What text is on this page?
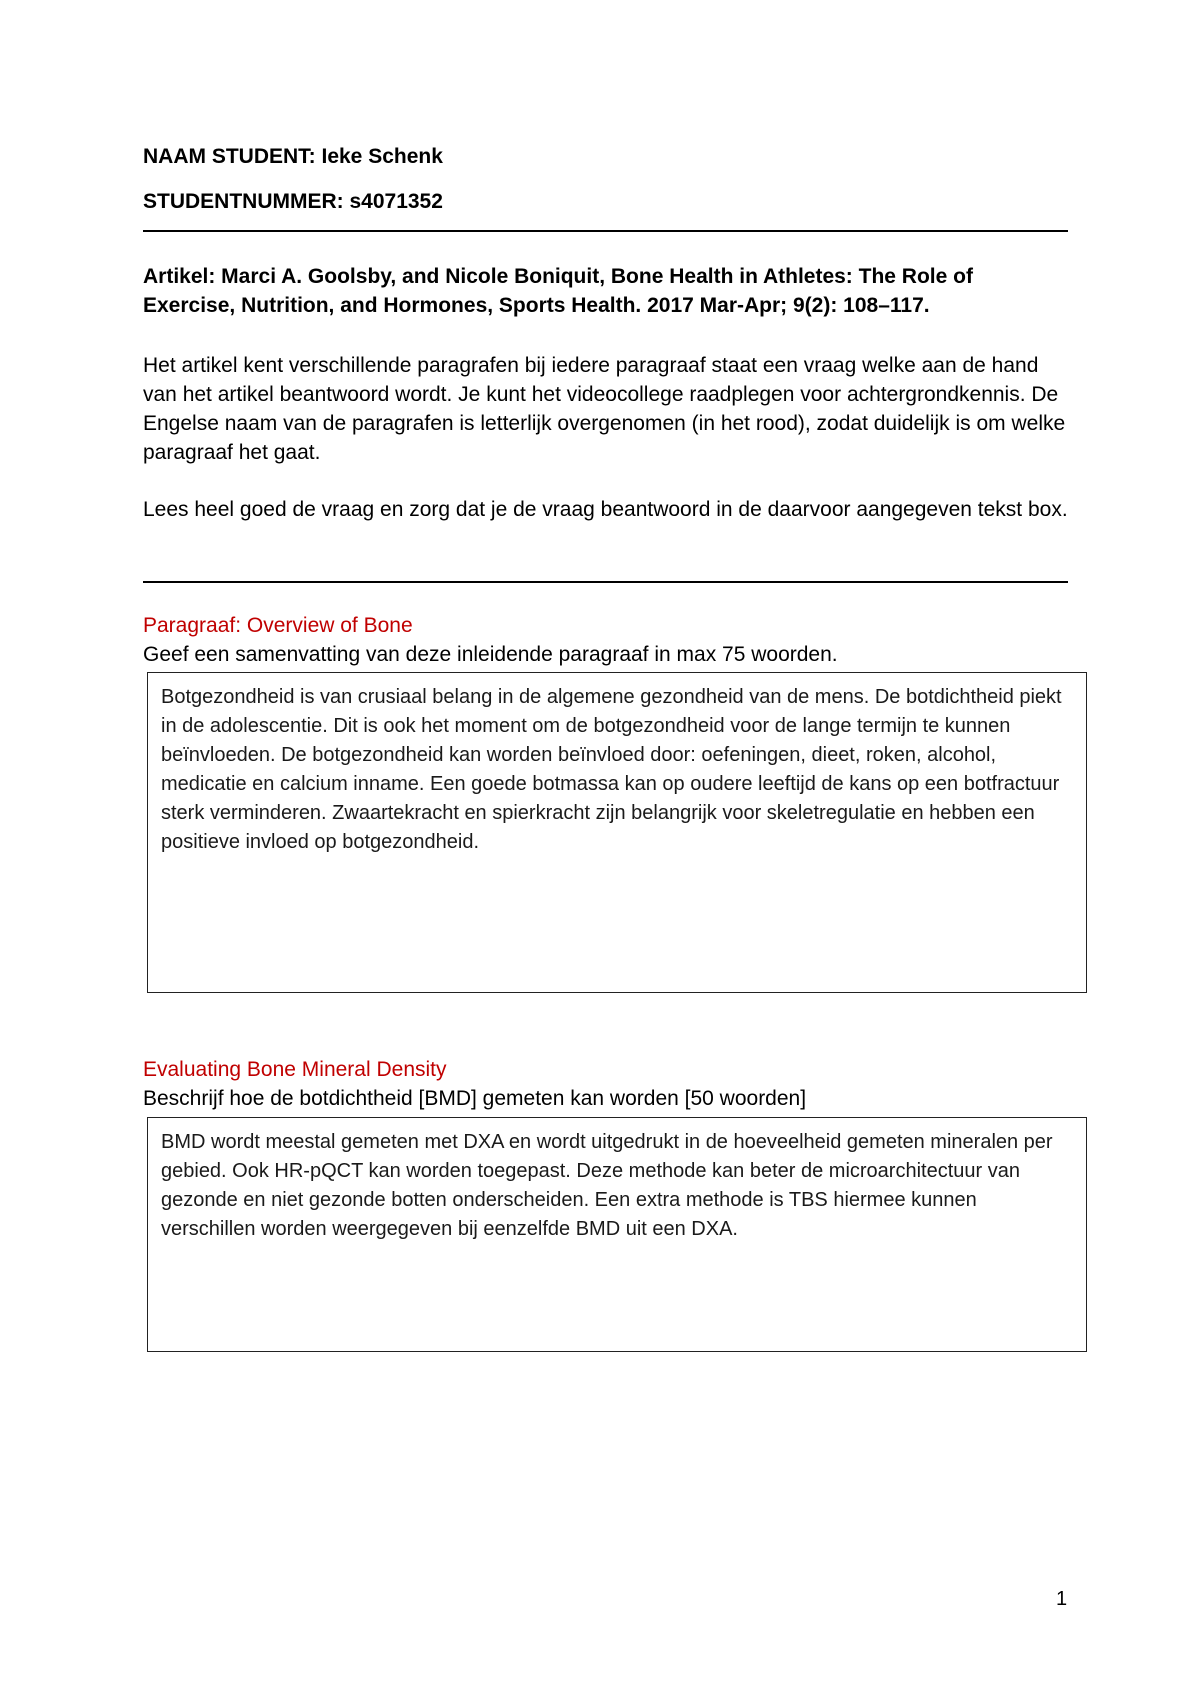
NAAM STUDENT: Ieke Schenk
STUDENTNUMMER: s4071352
Artikel: Marci A. Goolsby, and Nicole Boniquit, Bone Health in Athletes: The Role of
Exercise, Nutrition, and Hormones, Sports Health. 2017 Mar-Apr; 9(2): 108–117.
Het artikel kent verschillende paragrafen bij iedere paragraaf staat een vraag welke aan de hand van het artikel beantwoord wordt. Je kunt het videocollege raadplegen voor achtergrondkennis. De Engelse naam van de paragrafen is letterlijk overgenomen (in het rood), zodat duidelijk is om welke paragraaf het gaat.
Lees heel goed de vraag en zorg dat je de vraag beantwoord in de daarvoor aangegeven tekst box.
Paragraaf: Overview of Bone
Geef een samenvatting van deze inleidende paragraaf in max 75 woorden.
Botgezondheid is van crusiaal belang in de algemene gezondheid van de mens. De botdichtheid piekt in de adolescentie. Dit is ook het moment om de botgezondheid voor de lange termijn te kunnen beïnvloeden. De botgezondheid kan worden beïnvloed door: oefeningen, dieet, roken, alcohol, medicatie en calcium inname. Een goede botmassa kan op oudere leeftijd de kans op een botfractuur sterk verminderen. Zwaartekracht en spierkracht zijn belangrijk voor skeletregulatie en hebben een positieve invloed op botgezondheid.
Evaluating Bone Mineral Density
Beschrijf hoe de botdichtheid [BMD] gemeten kan worden [50 woorden]
BMD wordt meestal gemeten met DXA en wordt uitgedrukt in de hoeveelheid gemeten mineralen per gebied. Ook HR-pQCT kan worden toegepast. Deze methode kan beter de microarchitectuur van gezonde en niet gezonde botten onderscheiden. Een extra methode is TBS hiermee kunnen verschillen worden weergegeven bij eenzelfde BMD uit een DXA.
1
